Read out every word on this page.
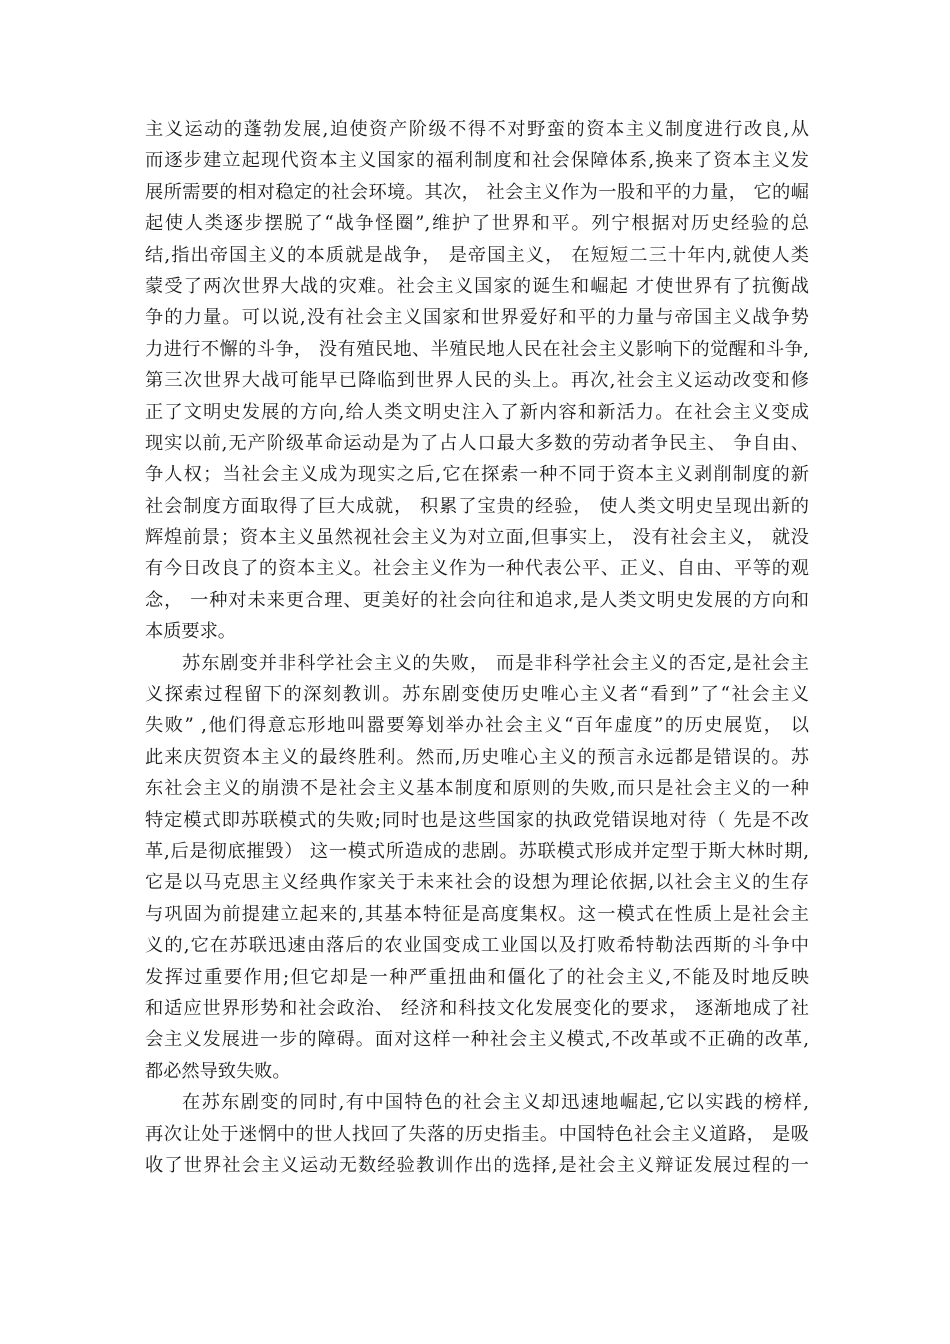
主义运动的蓬勃发展,迫使资产阶级不得不对野蛮的资本主义制度进行改良,从
而逐步建立起现代资本主义国家的福利制度和社会保障体系,换来了资本主义发
展所需要的相对稳定的社会环境。其次， 社会主义作为一股和平的力量， 它的崛
起使人类逐步摆脱了“战争怪圈”,维护了世界和平。列宁根据对历史经验的总
结,指出帝国主义的本质就是战争， 是帝国主义， 在短短二三十年内,就使人类
蒙受了两次世界大战的灾难。社会主义国家的诞生和崛起 才使世界有了抗衡战
争的力量。可以说,没有社会主义国家和世界爱好和平的力量与帝国主义战争势
力进行不懈的斗争， 没有殖民地、半殖民地人民在社会主义影响下的觉醒和斗争,
第三次世界大战可能早已降临到世界人民的头上。再次,社会主义运动改变和修
正了文明史发展的方向,给人类文明史注入了新内容和新活力。在社会主义变成
现实以前,无产阶级革命运动是为了占人口最大多数的劳动者争民主、 争自由、
争人权；当社会主义成为现实之后,它在探索一种不同于资本主义剥削制度的新
社会制度方面取得了巨大成就， 积累了宝贵的经验， 使人类文明史呈现出新的
辉煌前景；资本主义虽然视社会主义为对立面,但事实上， 没有社会主义， 就没
有今日改良了的资本主义。社会主义作为一种代表公平、正义、自由、平等的观
念， 一种对未来更合理、更美好的社会向往和追求,是人类文明史发展的方向和
本质要求。
苏东剧变并非科学社会主义的失败， 而是非科学社会主义的否定,是社会主
义探索过程留下的深刻教训。苏东剧变使历史唯心主义者“看到”了“社会主义
失败” ,他们得意忘形地叫嚣要筹划举办社会主义“百年虚度”的历史展览， 以
此来庆贺资本主义的最终胜利。然而,历史唯心主义的预言永远都是错误的。苏
东社会主义的崩溃不是社会主义基本制度和原则的失败,而只是社会主义的一种
特定模式即苏联模式的失败;同时也是这些国家的执政党错误地对待（ 先是不改
革,后是彻底摧毁） 这一模式所造成的悲剧。苏联模式形成并定型于斯大林时期,
它是以马克思主义经典作家关于未来社会的设想为理论依据,以社会主义的生存
与巩固为前提建立起来的,其基本特征是高度集权。这一模式在性质上是社会主
义的,它在苏联迅速由落后的农业国变成工业国以及打败希特勒法西斯的斗争中
发挥过重要作用;但它却是一种严重扭曲和僵化了的社会主义,不能及时地反映
和适应世界形势和社会政治、 经济和科技文化发展变化的要求， 逐渐地成了社
会主义发展进一步的障碍。面对这样一种社会主义模式,不改革或不正确的改革,
都必然导致失败。
在苏东剧变的同时,有中国特色的社会主义却迅速地崛起,它以实践的榜样,
再次让处于迷惘中的世人找回了失落的历史指圭。中国特色社会主义道路， 是吸
收了世界社会主义运动无数经验教训作出的选择,是社会主义辩证发展过程的一
